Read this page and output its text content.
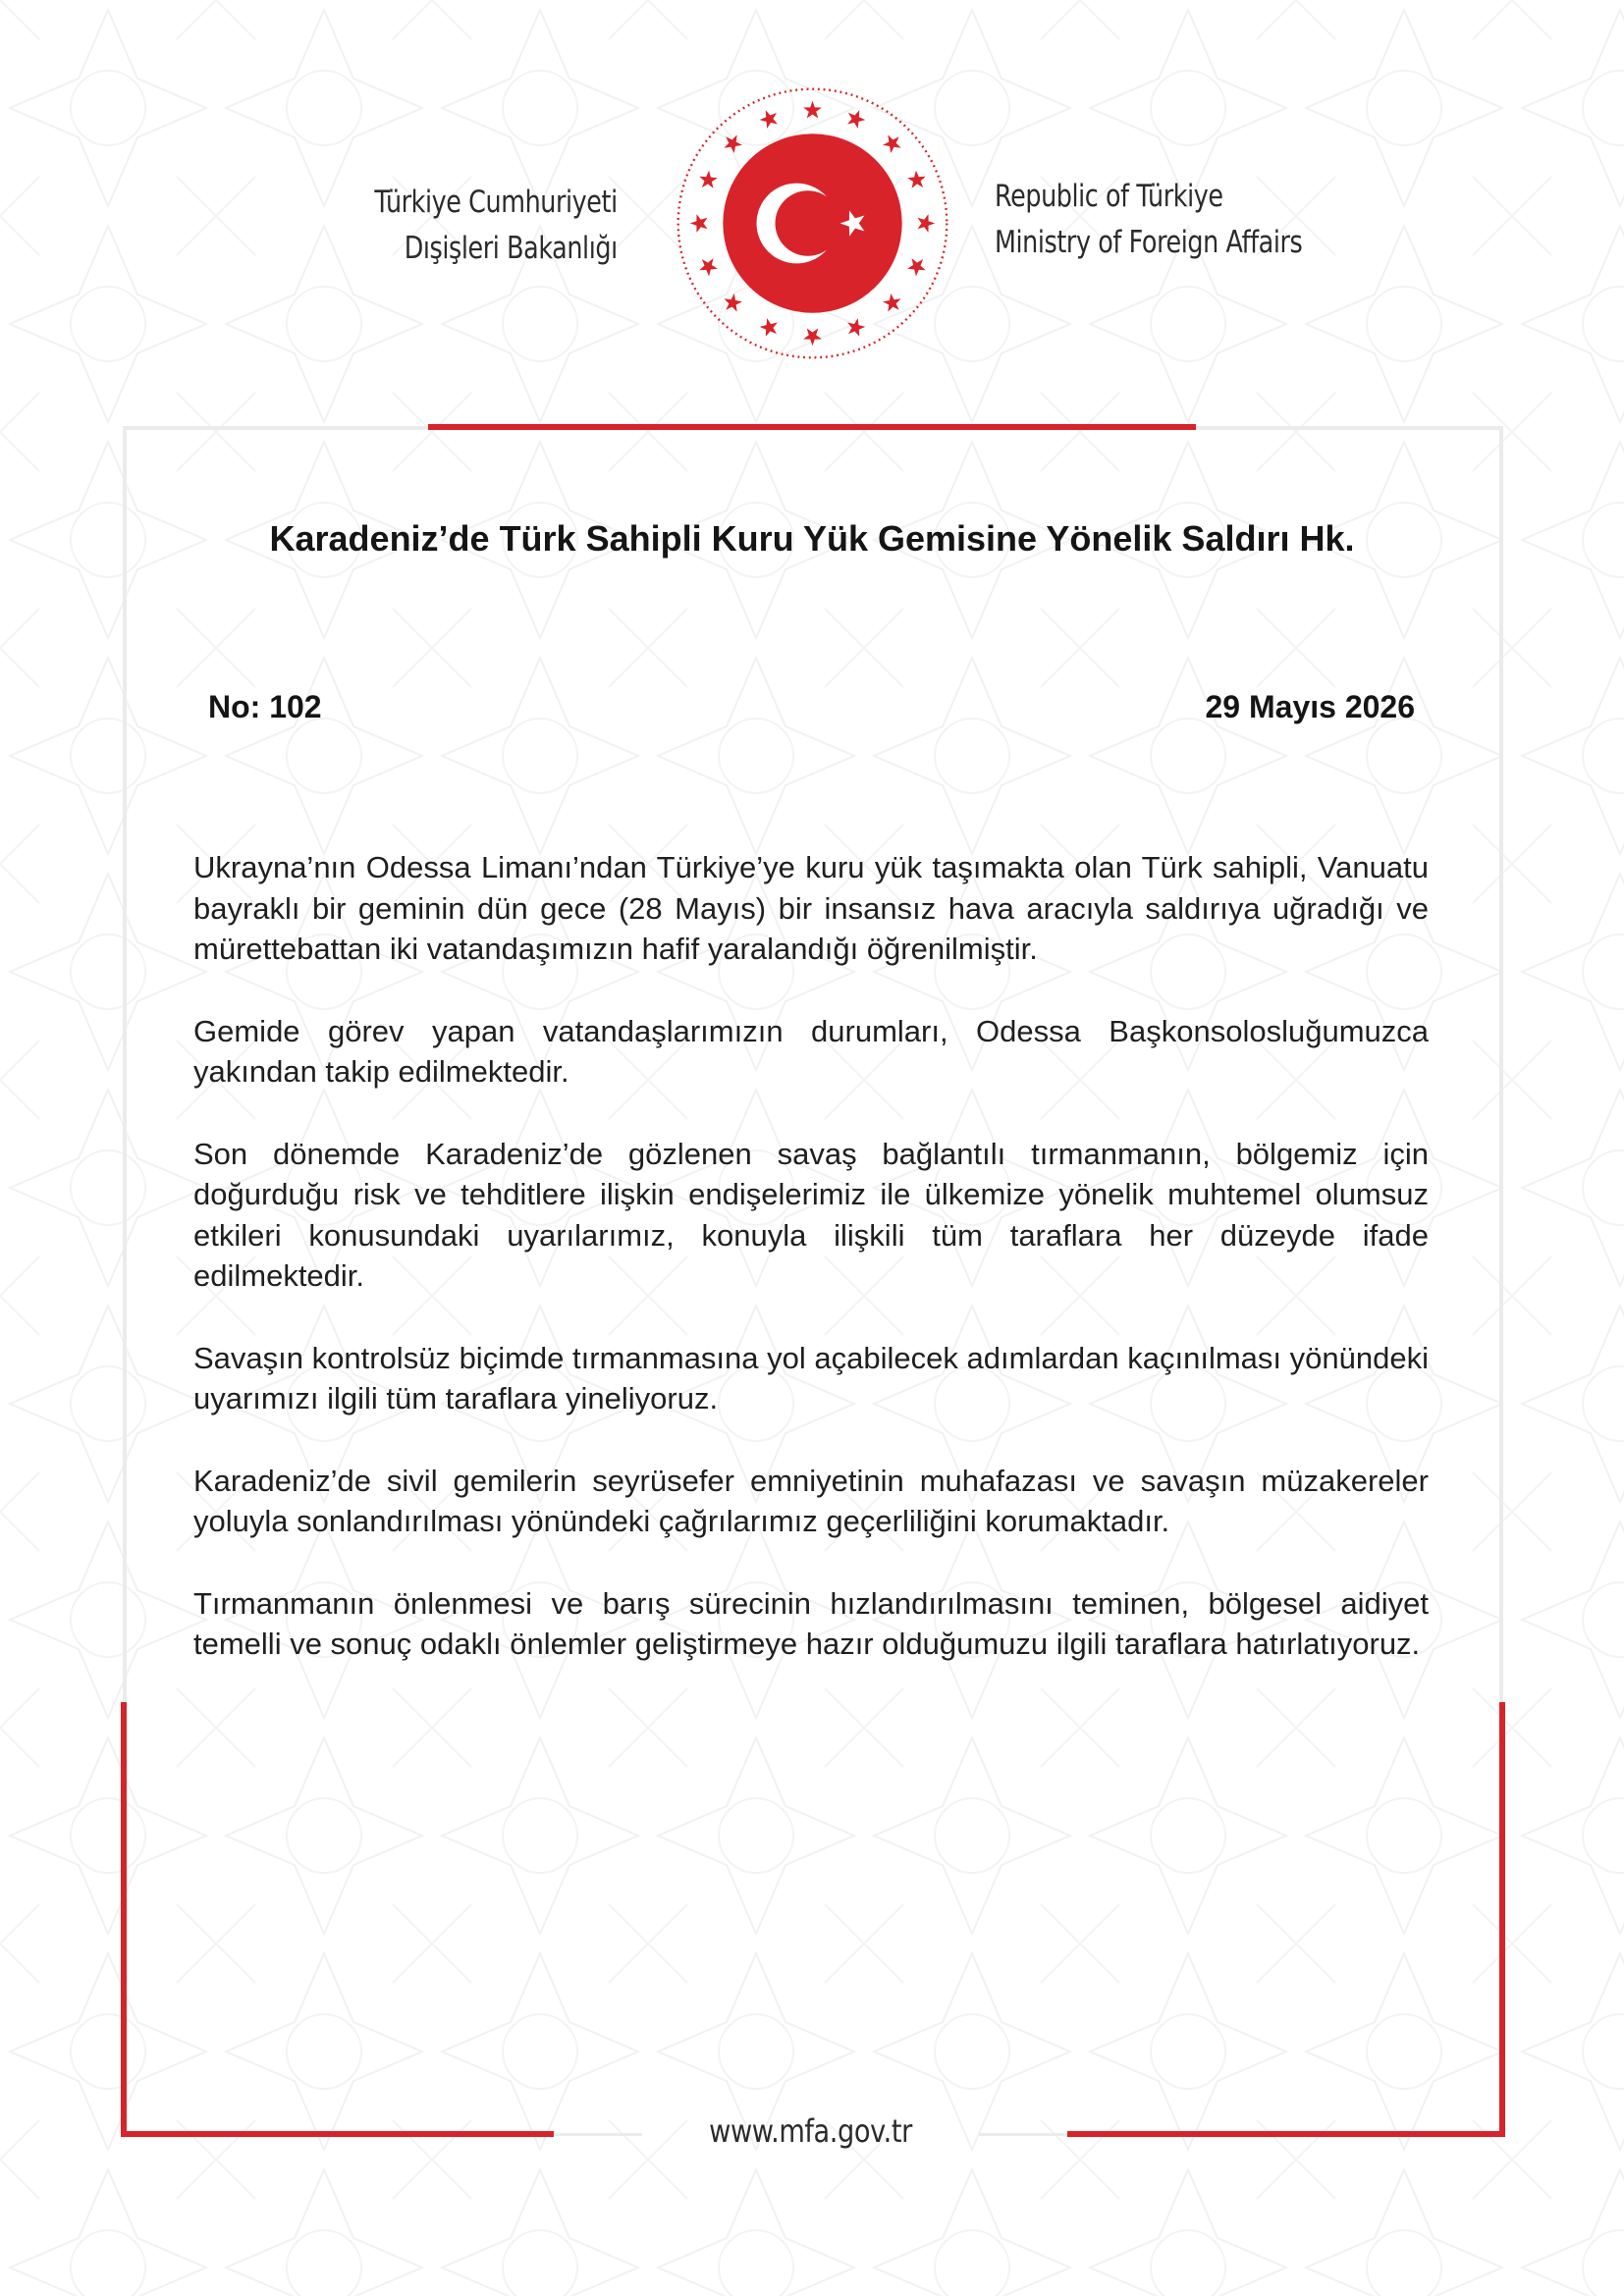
Türkiye Cumhuriyeti
Dışişleri Bakanlığı
Republic of Türkiye
Ministry of Foreign Affairs
Karadeniz’de Türk Sahipli Kuru Yük Gemisine Yönelik Saldırı Hk.
No: 102	29 Mayıs 2026

Ukrayna’nın Odessa Limanı’ndan Türkiye’ye kuru yük taşımakta olan Türk sahipli, Vanuatu bayraklı bir geminin dün gece (28 Mayıs) bir insansız hava aracıyla saldırıya uğradığı ve mürettebattan iki vatandaşımızın hafif yaralandığı öğrenilmiştir.

Gemide görev yapan vatandaşlarımızın durumları, Odessa Başkonsolosluğumuzca yakından takip edilmektedir.

Son dönemde Karadeniz’de gözlenen savaş bağlantılı tırmanmanın, bölgemiz için doğurduğu risk ve tehditlere ilişkin endişelerimiz ile ülkemize yönelik muhtemel olumsuz etkileri konusundaki uyarılarımız, konuyla ilişkili tüm taraflara her düzeyde ifade edilmektedir.

Savaşın kontrolsüz biçimde tırmanmasına yol açabilecek adımlardan kaçınılması yönündeki uyarımızı ilgili tüm taraflara yineliyoruz.

Karadeniz’de sivil gemilerin seyrüsefer emniyetinin muhafazası ve savaşın müzakereler yoluyla sonlandırılması yönündeki çağrılarımız geçerliliğini korumaktadır.

Tırmanmanın önlenmesi ve barış sürecinin hızlandırılmasını teminen, bölgesel aidiyet temelli ve sonuç odaklı önlemler geliştirmeye hazır olduğumuzu ilgili taraflara hatırlatıyoruz.

www.mfa.gov.tr
